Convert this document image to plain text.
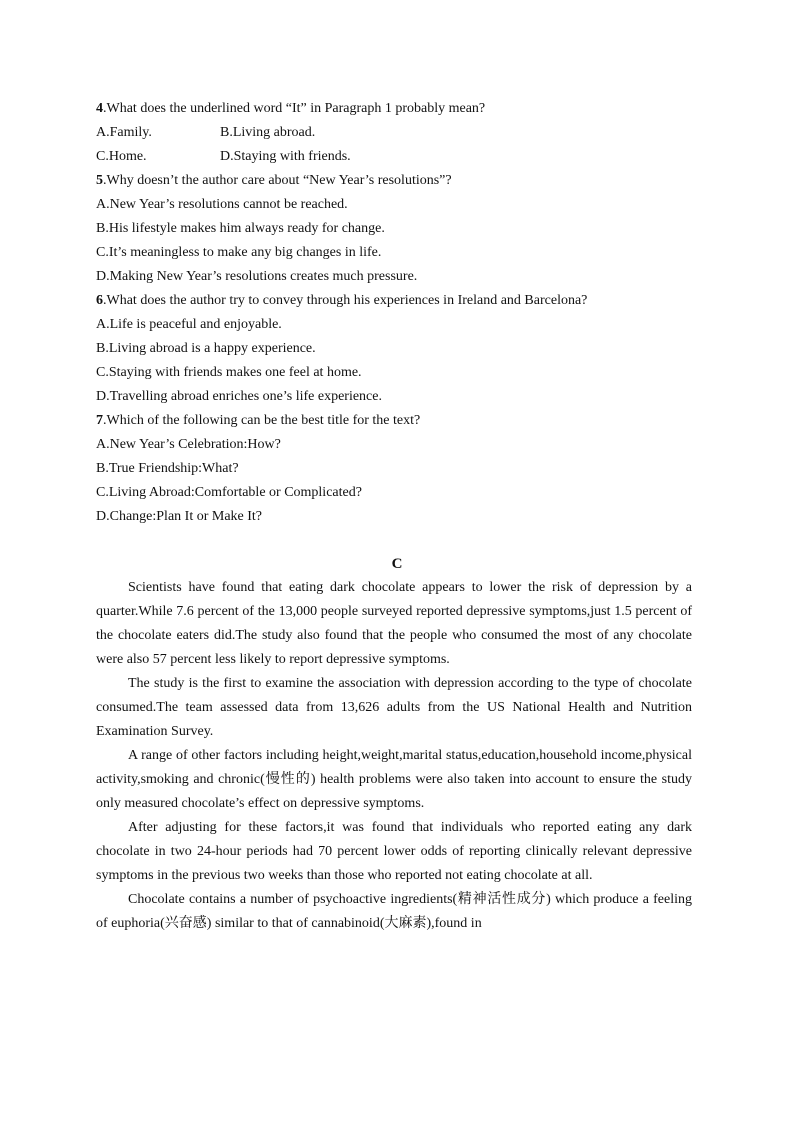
4.What does the underlined word “It” in Paragraph 1 probably mean?
A.Family.	B.Living abroad.
C.Home.	D.Staying with friends.
5.Why doesn’t the author care about “New Year’s resolutions”?
A.New Year’s resolutions cannot be reached.
B.His lifestyle makes him always ready for change.
C.It’s meaningless to make any big changes in life.
D.Making New Year’s resolutions creates much pressure.
6.What does the author try to convey through his experiences in Ireland and Barcelona?
A.Life is peaceful and enjoyable.
B.Living abroad is a happy experience.
C.Staying with friends makes one feel at home.
D.Travelling abroad enriches one’s life experience.
7.Which of the following can be the best title for the text?
A.New Year’s Celebration:How?
B.True Friendship:What?
C.Living Abroad:Comfortable or Complicated?
D.Change:Plan It or Make It?
C

Scientists have found that eating dark chocolate appears to lower the risk of depression by a quarter.While 7.6 percent of the 13,000 people surveyed reported depressive symptoms,just 1.5 percent of the chocolate eaters did.The study also found that the people who consumed the most of any chocolate were also 57 percent less likely to report depressive symptoms.

The study is the first to examine the association with depression according to the type of chocolate consumed.The team assessed data from 13,626 adults from the US National Health and Nutrition Examination Survey.

A range of other factors including height,weight,marital status,education,household income,physical activity,smoking and chronic(慢性的) health problems were also taken into account to ensure the study only measured chocolate’s effect on depressive symptoms.

After adjusting for these factors,it was found that individuals who reported eating any dark chocolate in two 24-hour periods had 70 percent lower odds of reporting clinically relevant depressive symptoms in the previous two weeks than those who reported not eating chocolate at all.

Chocolate contains a number of psychoactive ingredients(精神活性成分) which produce a feeling of euphoria(兴奋感) similar to that of cannabinoid(大麻素),found in
